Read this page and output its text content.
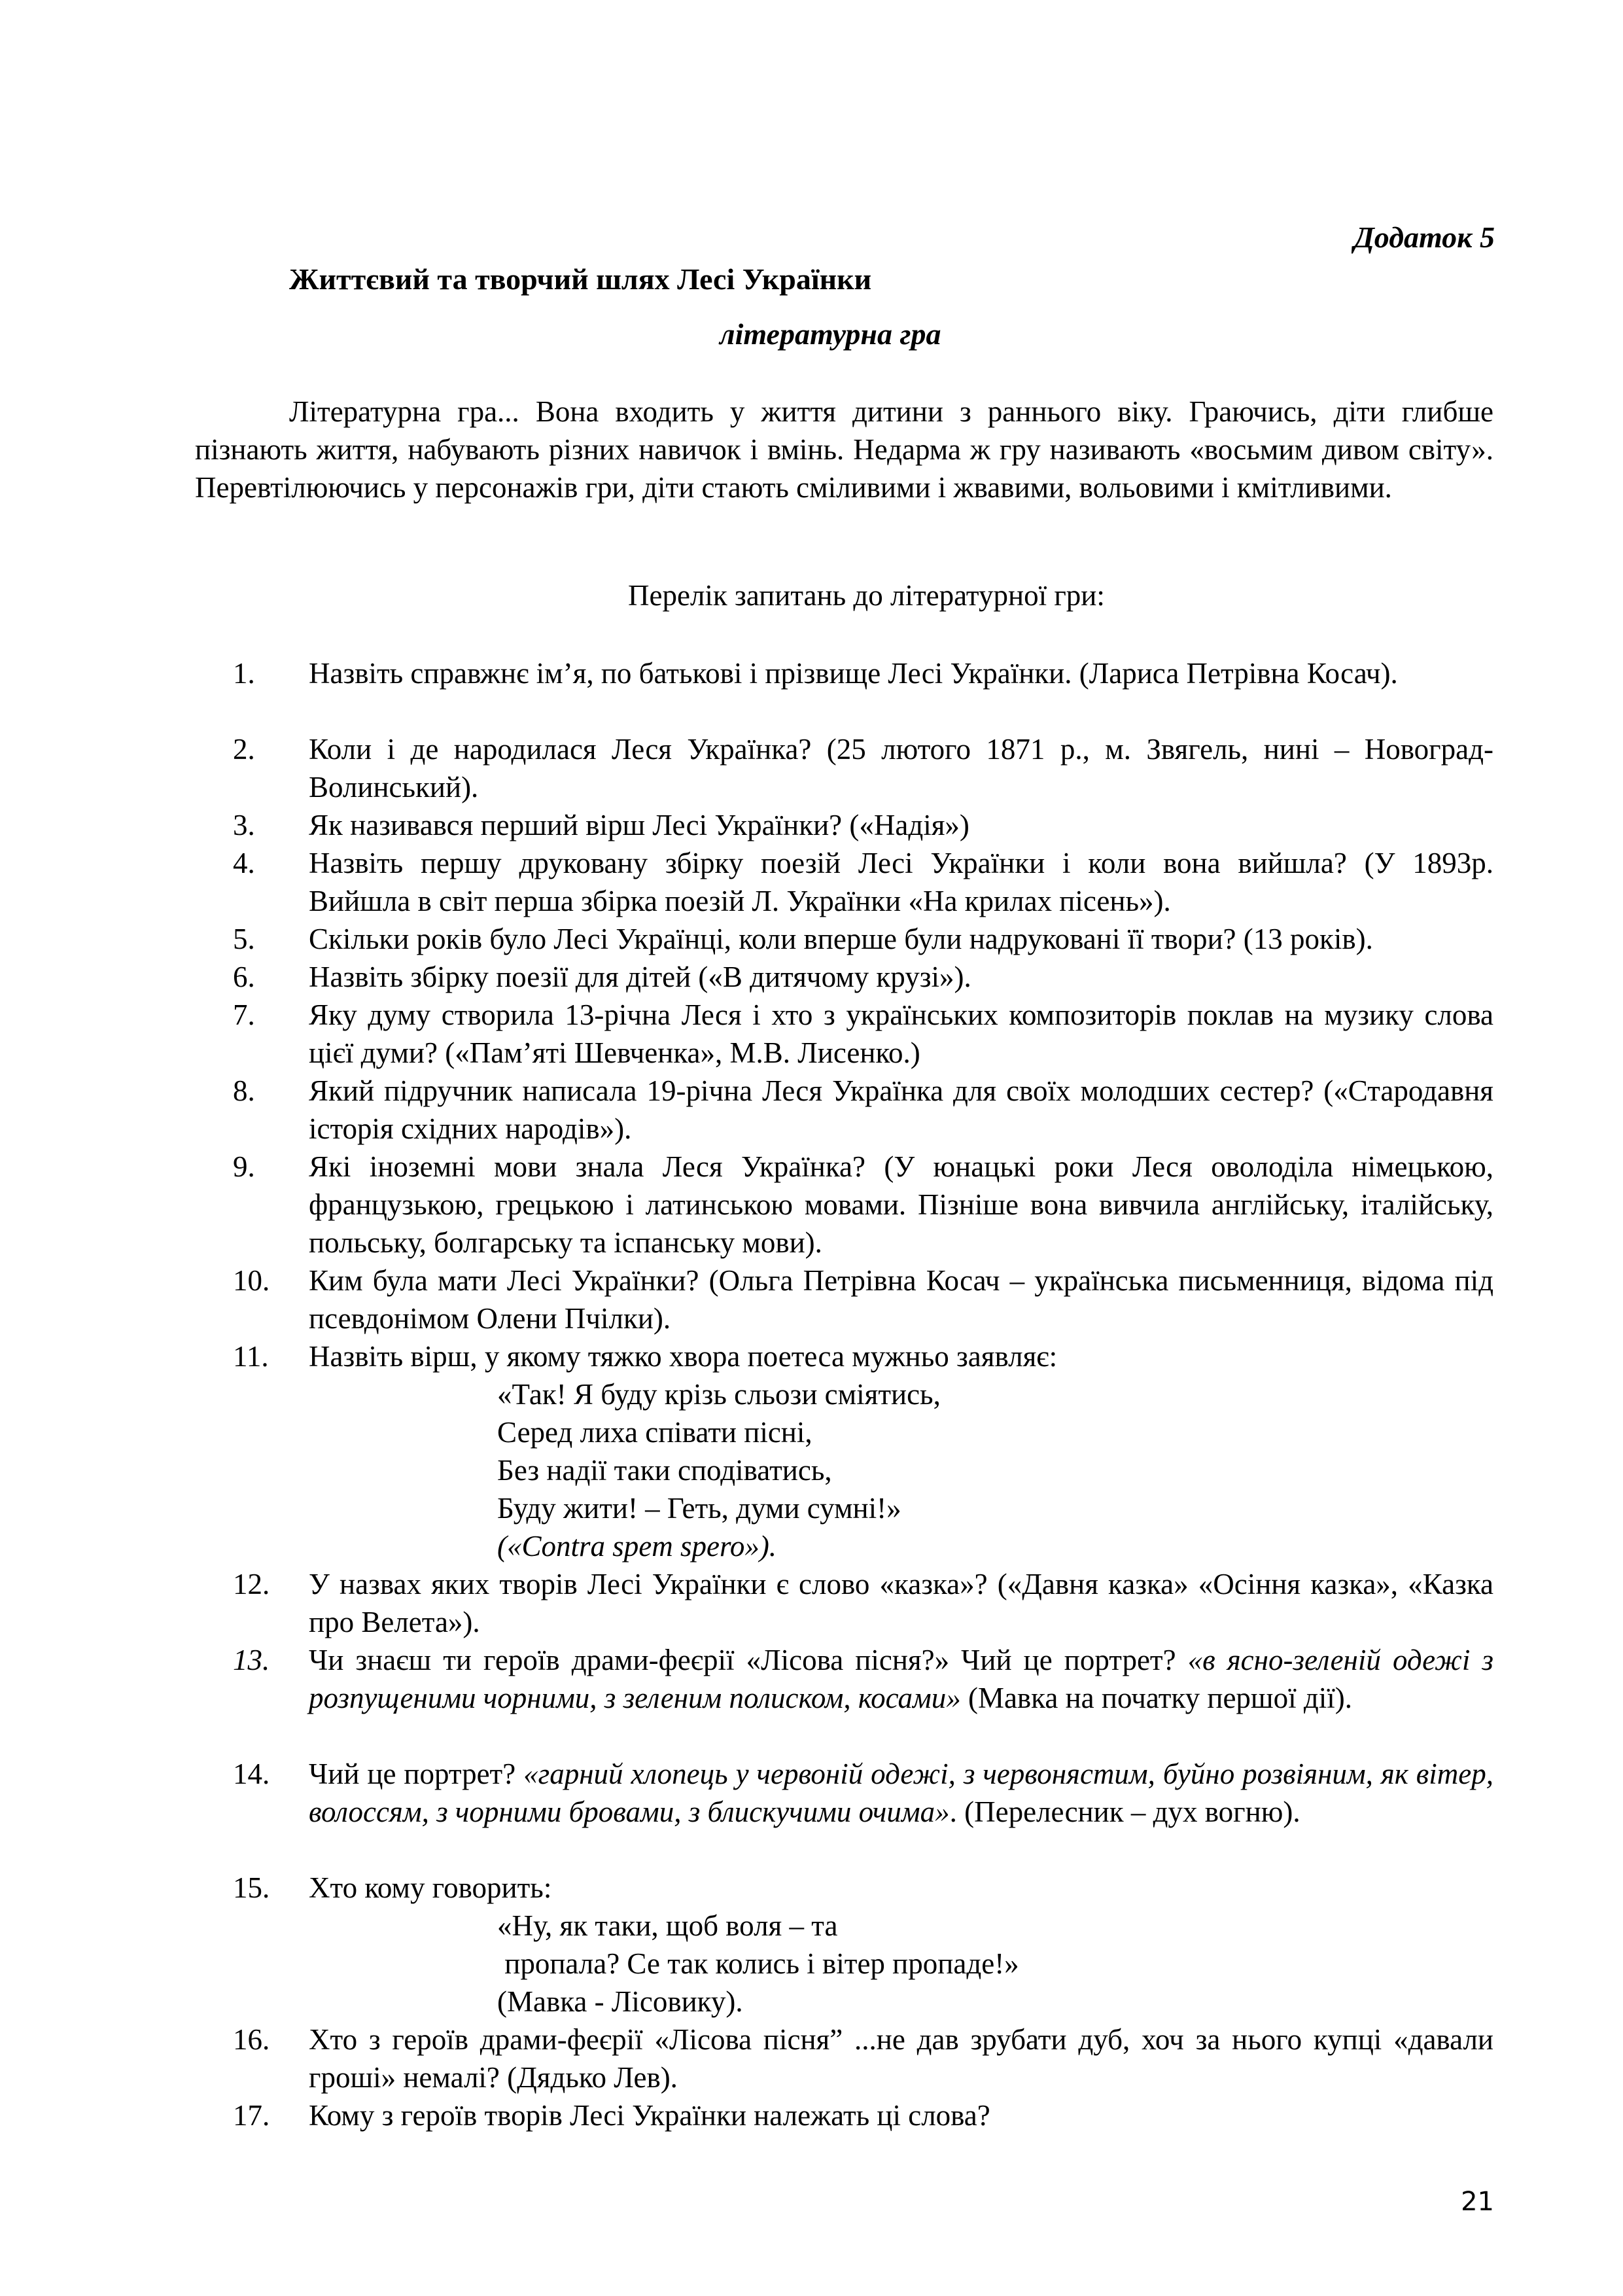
Додаток 5
Життєвий та творчий шлях Лесі Українки
літературна гра

Літературна гра... Вона входить у життя дитини з раннього віку. Граючись, діти глибше пізнають життя, набувають різних навичок і вмінь. Недарма ж гру називають «восьмим дивом світу». Перевтілюючись у персонажів гри, діти стають сміливими і жвавими, вольовими і кмітливими.

Перелік запитань до літературної гри:
1. Назвіть справжнє ім’я, по батькові і прізвище Лесі Українки. (Лариса Петрівна Косач).
2. Коли і де народилася Леся Українка? (25 лютого 1871 р., м. Звягель, нині – Новоград-Волинський).
3. Як називався перший вірш Лесі Українки? («Надія»)
4. Назвіть першу друковану збірку поезій Лесі Українки і коли вона вийшла? (У 1893р.
Вийшла в світ перша збірка поезій Л. Українки «На крилах пісень»).
5. Скільки років було Лесі Українці, коли вперше були надруковані її твори? (13 років).
6. Назвіть збірку поезії для дітей («В дитячому крузі»).
7. Яку думу створила 13-річна Леся і хто з українських композиторів поклав на музику слова цієї думи? («Пам’яті Шевченка», М.В. Лисенко.)
8. Який підручник написала 19-річна Леся Українка для своїх молодших сестер? («Стародавня історія східних народів»).
9. Які іноземні мови знала Леся Українка? (У юнацькі роки Леся оволоділа німецькою, французькою, грецькою і латинською мовами. Пізніше вона вивчила англійську, італійську, польську, болгарську та іспанську мови).
10. Ким була мати Лесі Українки? (Ольга Петрівна Косач – українська письменниця, відома під псевдонімом Олени Пчілки).
11. Назвіть вірш, у якому тяжко хвора поетеса мужньо заявляє:
«Так! Я буду крізь сльози сміятись,
Серед лиха співати пісні,
Без надії таки сподіватись,
Буду жити! – Геть, думи сумні!»
(«Contra spem spero»).
12. У назвах яких творів Лесі Українки є слово «казка»? («Давня казка» «Осіння казка», «Казка про Велета»).
13. Чи знаєш ти героїв драми-феєрії «Лісова пісня?» Чий це портрет? «в ясно-зеленій одежі з розпущеними чорними, з зеленим полиском, косами» (Мавка на початку першої дії).
14. Чий це портрет? «гарний хлопець у червоній одежі, з червонястим, буйно розвіяним, як вітер, волоссям, з чорними бровами, з блискучими очима». (Перелесник – дух вогню).
15. Хто кому говорить:
«Ну, як таки, щоб воля – та
пропала? Се так колись і вітер пропаде!»
(Мавка - Лісовику).
16. Хто з героїв драми-феєрії «Лісова пісня” ...не дав зрубати дуб, хоч за нього купці «давали гроші» немалі? (Дядько Лев).
17. Кому з героїв творів Лесі Українки належать ці слова?
21
